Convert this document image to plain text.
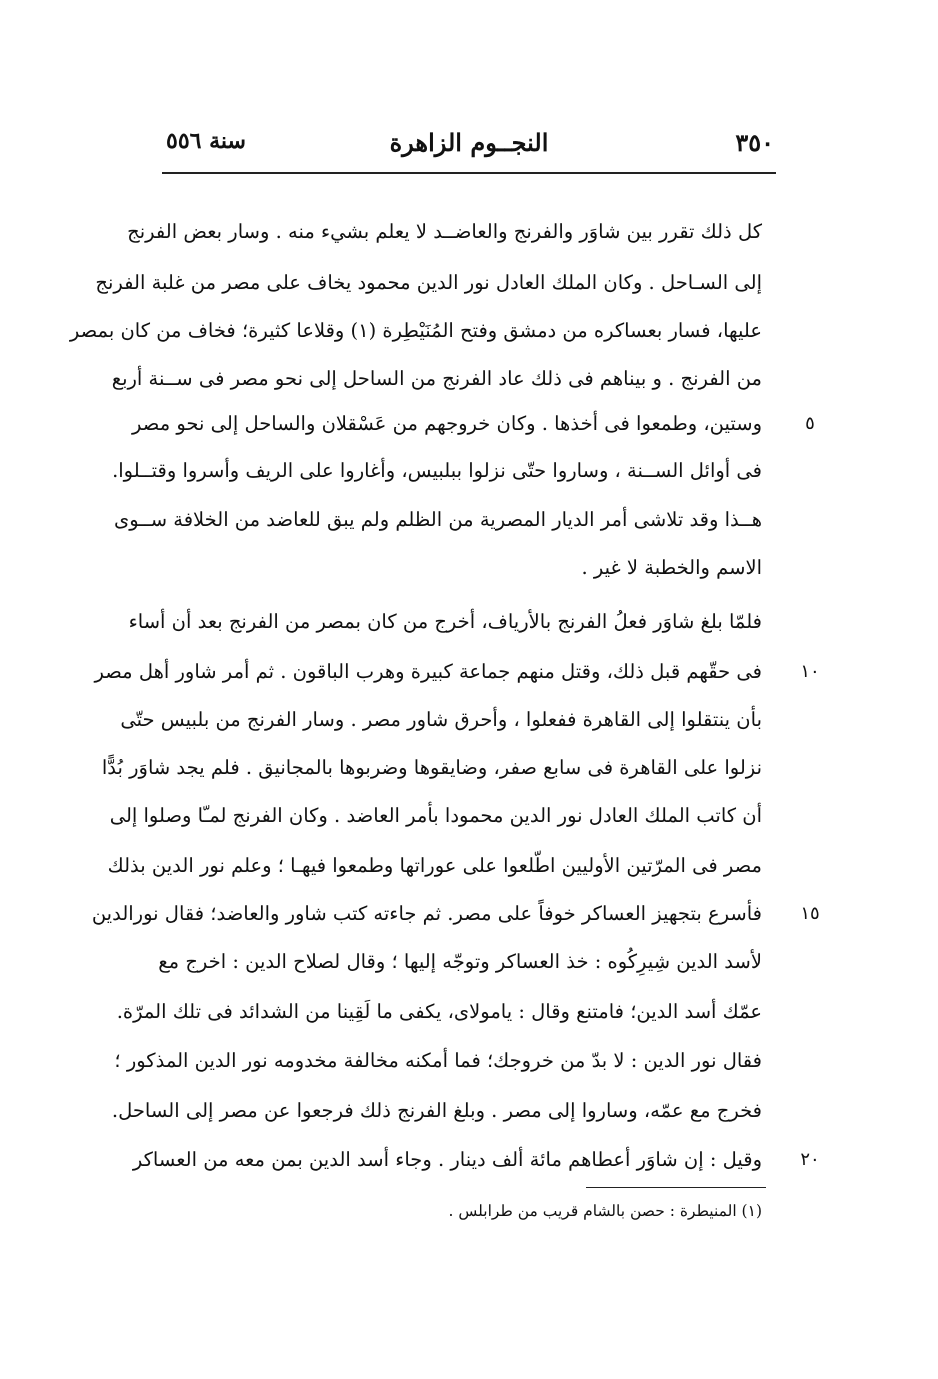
٣٥٠
النجــوم الزاهرة
سنة ٥٥٦
كل ذلك تقرر بين شاوَر والفرنج والعاضــد لا يعلم بشيء منه . وسار بعض الفرنج
إلى السـاحل . وكان الملك العادل نور الدين محمود يخاف على مصر من غلبة الفرنج
عليها، فسار بعساكره من دمشق وفتح المُنَيْطِرة (١) وقلاعا كثيرة؛ فخاف من كان بمصر
من الفرنج . و بيناهم فى ذلك عاد الفرنج من الساحل إلى نحو مصر فى ســنة أربع
وستين، وطمعوا فى أخذها . وكان خروجهم من عَسْقلان والساحل إلى نحو مصر	٥
فى أوائل الســنة ، وساروا حتّى نزلوا ببلبيس، وأغاروا على الريف وأسروا وقتــلوا.
هــذا وقد تلاشى أمر الديار المصرية من الظلم ولم يبق للعاضد من الخلافة ســوى
الاسم والخطبة لا غير .
فلمّا بلغ شاوَر فعلُ الفرنج بالأرياف، أخرج من كان بمصر من الفرنج بعد أن أساء
فى حقّهم قبل ذلك، وقتل منهم جماعة كبيرة وهرب الباقون . ثم أمر شاور أهل مصر	١٠
بأن ينتقلوا إلى القاهرة ففعلوا ، وأحرق شاور مصر . وسار الفرنج من بلبيس حتّى
نزلوا على القاهرة فى سابع صفر، وضايقوها وضربوها بالمجانيق . فلم يجد شاوَر بُدًّا
أن كاتب الملك العادل نور الدين محمودا بأمر العاضد . وكان الفرنج لمـّا وصلوا إلى
مصر فى المرّتين الأوليين اطّلعوا على عوراتها وطمعوا فيهـا ؛ وعلم نور الدين بذلك
فأسرع بتجهيز العساكر خوفاً على مصر. ثم جاءته كتب شاور والعاضد؛ فقال نورالدين	١٥
لأسد الدين شِيرِكُوه : خذ العساكر وتوجّه إليها ؛ وقال لصلاح الدين : اخرج مع
عمّك أسد الدين؛ فامتنع وقال : يامولاى، يكفى ما لَقِينا من الشدائد فى تلك المرّة.
فقال نور الدين : لا بدّ من خروجك؛ فما أمكنه مخالفة مخدومه نور الدين المذكور ؛
فخرج مع عمّه، وساروا إلى مصر . وبلغ الفرنج ذلك فرجعوا عن مصر إلى الساحل.
وقيل : إن شاوَر أعطاهم مائة ألف دينار . وجاء أسد الدين بمن معه من العساكر	٢٠
(١) المنيطرة : حصن بالشام قريب من طرابلس .
